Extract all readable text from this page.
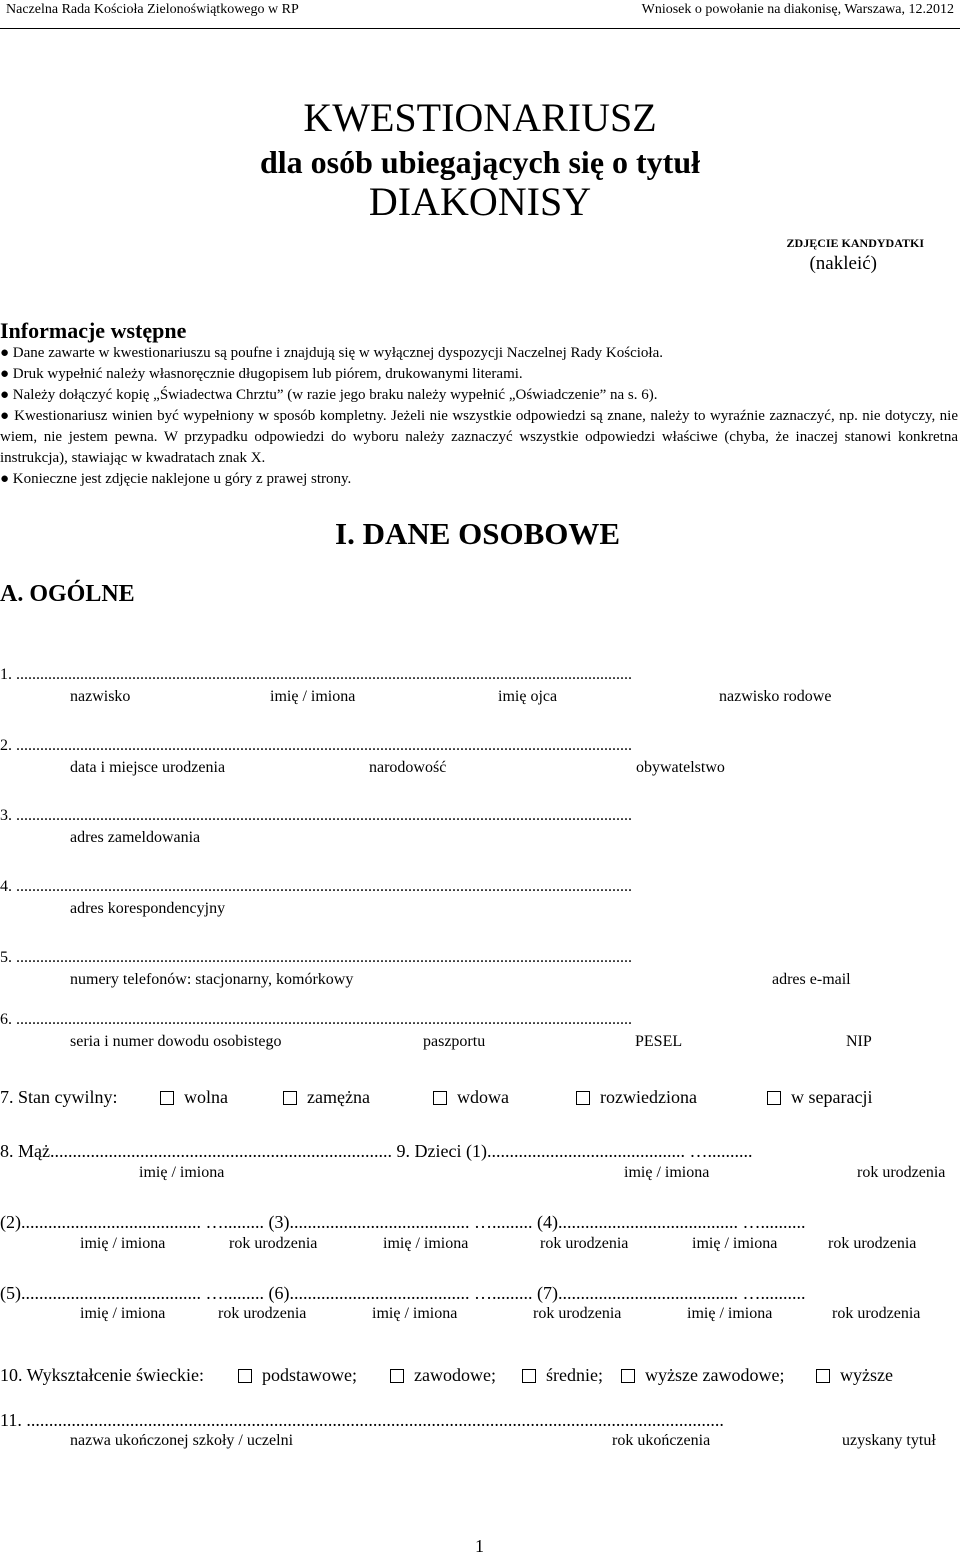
Naczelna Rada Kościoła Zielonoświątkowego w RP	Wniosek o powołanie na diakonisę, Warszawa, 12.2012
KWESTIONARIUSZ
dla osób ubiegających się o tytuł
DIAKONISY
ZDJĘCIE KANDYDATKI
(nakleić)
Informacje wstępne

● Dane zawarte w kwestionariuszu są poufne i znajdują się w wyłącznej dyspozycji Naczelnej Rady Kościoła.

● Druk wypełnić należy własnoręcznie długopisem lub piórem, drukowanymi literami.

● Należy dołączyć kopię „Świadectwa Chrztu” (w razie jego braku należy wypełnić „Oświadczenie” na s. 6).

● Kwestionariusz winien być wypełniony w sposób kompletny. Jeżeli nie wszystkie odpowiedzi są znane, należy to wyraźnie zaznaczyć, np. nie dotyczy, nie wiem, nie jestem pewna. W przypadku odpowiedzi do wyboru należy zaznaczyć wszystkie odpowiedzi właściwe (chyba, że inaczej stanowi konkretna instrukcja), stawiając w kwadratach znak X.

● Konieczne jest zdjęcie naklejone u góry z prawej strony.

I. DANE OSOBOWE
A. OGÓLNE
1. ..........................................................................................................................................................
nazwisko	imię / imiona	imię ojca	nazwisko rodowe
2. ..........................................................................................................................................................
data i miejsce urodzenia	narodowość	obywatelstwo
3. ..........................................................................................................................................................
adres zameldowania
4. ..........................................................................................................................................................
adres korespondencyjny
5. ..........................................................................................................................................................
numery telefonów: stacjonarny, komórkowy	adres e-mail
6. ..........................................................................................................................................................
seria i numer dowodu osobistego	paszportu	PESEL	NIP
7. Stan cywilny:	wolna	zamężna	wdowa	rozwiedziona	w separacji
8. Mąż............................................................................ 9. Dzieci (1)............................................ …..........
imię / imiona	imię / imiona	rok urodzenia
(2)........................................ …......... (3)........................................ …......... (4)........................................ …..........
imię / imiona	rok urodzenia	imię / imiona	rok urodzenia	imię / imiona	rok urodzenia
(5)........................................ …......... (6)........................................ …......... (7)........................................ …..........
imię / imiona	rok urodzenia	imię / imiona	rok urodzenia	imię / imiona	rok urodzenia
10. Wykształcenie świeckie:	podstawowe;	zawodowe;	średnie; wyższe zawodowe;	wyższe
11. ...........................................................................................................................................................
nazwa ukończonej szkoły / uczelni	rok ukończenia	uzyskany tytuł
1
